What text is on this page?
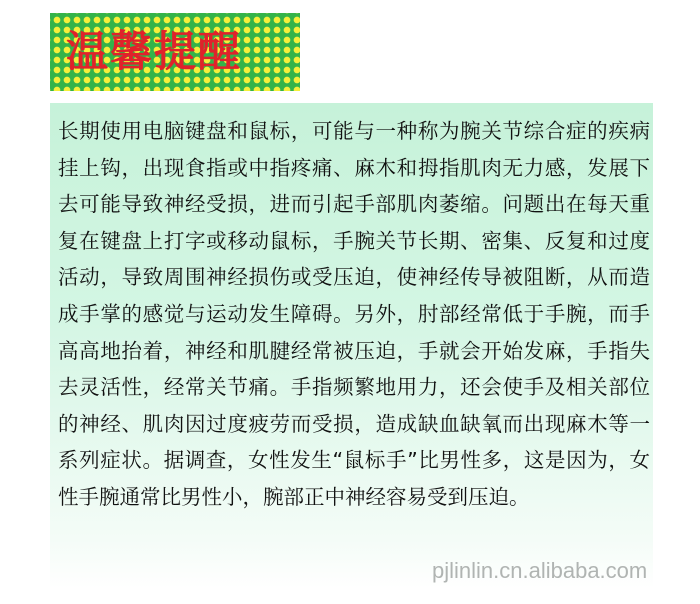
温馨提醒

长期使用电脑键盘和鼠标，可能与一种称为腕关节综合症的疾病挂上钩，出现食指或中指疼痛、麻木和拇指肌肉无力感，发展下去可能导致神经受损，进而引起手部肌肉萎缩。问题出在每天重复在键盘上打字或移动鼠标，手腕关节长期、密集、反复和过度活动，导致周围神经损伤或受压迫，使神经传导被阻断，从而造成手掌的感觉与运动发生障碍。另外，肘部经常低于手腕，而手高高地抬着，神经和肌腱经常被压迫，手就会开始发麻，手指失去灵活性，经常关节痛。手指频繁地用力，还会使手及相关部位的神经、肌肉因过度疲劳而受损，造成缺血缺氧而出现麻木等一系列症状。据调查，女性发生“鼠标手”比男性多，这是因为，女性手腕通常比男性小，腕部正中神经容易受到压迫。

pjlinlin.cn.alibaba.com
